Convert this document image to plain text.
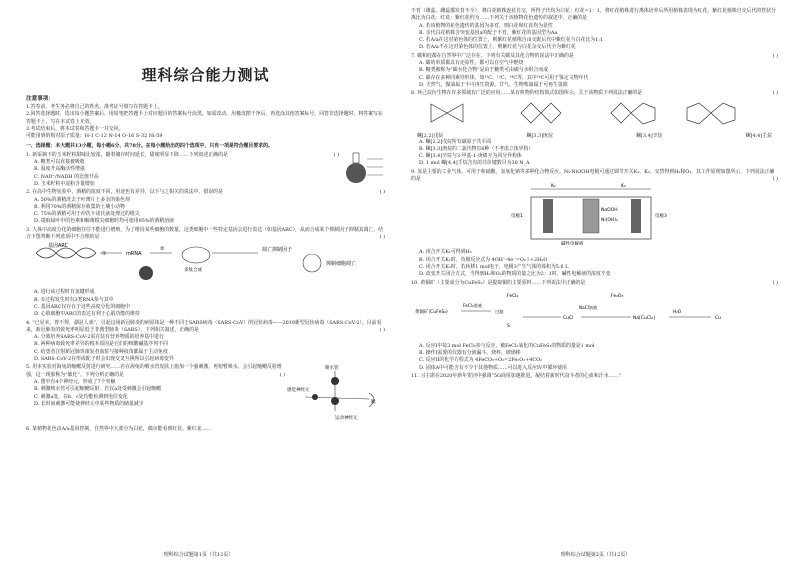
理科综合能力测试

注意事项：

1.答卷前，考生务必将自己的姓名、准考证号填写在答题卡上。

2.回答选择题时，选出每小题答案后，用铅笔把答题卡上对应题目的答案标号涂黑。如需改动，用橡皮擦干净后，再选涂其他答案标号。回答非选择题时，将答案写在答题卡上，写在本试卷上无效。

3.考试结束后，将本试卷和答题卡一并交回。

可能用到的相对原子质量：H-1 C-12 N-14 O-16 S-32 Ni-59

一、选择题：本大题共13小题，每小题6分，共78分。在每小题给出的四个选项中，只有一项是符合题目要求的。

1. 新采摘下的玉米籽粒甜味比较浓，随着储存时间延长，甜度明显下降……下列叙述正确的是	( )

A. 糖类可以直接被吸收

B. 温度升高酶活性增强

C. NAD⁺/NADH 的比值升高

D. 玉米籽粒中淀粉含量增加

2. 在高中生物实验中，酒精的浓度不同，用途也有差异，以下与之相关的说法中，错误的是	( )

A. 50%的酒精洗去子叶薄片上多余的染色剂

B. 利用70%的酒精保存收集的土壤小动物

C. 75%的酒精可用于冲洗卡诺氏液处理过的根尖

D. 提取绿叶中的色素和解离根尖细胞时均可使用95%的酒精溶液

3. 人体中高度分化的细胞往往不能进行增殖，为了维持某些细胞的数量，这类细胞中一些特定基因会进行表达（如基因ARC），从而合成某个抑制因子抑制其凋亡。结合下图判断下列选项中不合理的是	( )

基因ARC
①	mRNA
②
多肽合成
凋亡抑制因子
抑制细胞凋亡

A. 进行该过程时有氢键形成

B. ①过程发生时有3类RNA参与其中

C. 基因ARC仅存在于这些高度分化的细胞中

D. 心肌细胞中ARC的表达有利于心肌功能的维持

4. “已见未，曾不得，湖是人戏”，引起这场新冠肺炎的病原体是一种不同于SARS病毒（SARS-CoV）的冠状病毒——2019新型冠状病毒（SARS-CoV-2）。目前看来，新冠肺炎的致死率明显低于非典型肺炎（SARS）。下列相关叙述，正确的是	( )

A. 分离培养SARS-CoV-2需在装有营养物质的培养基中进行

B. 两种病毒致死率差异的根本原因是它们的核酸碱基序列不同

C. 给患者注射新冠肺炎康复者血浆与接种疫苗都属于主动免疫

D. SARS-CoV-2在形成配子时会出现交叉互换所以引起病毒变异

5. 用本实验对海兔的缩鳃反射进行研究……若在海兔的喷水管皮肤上施加一个强刺激，再短暂喷水，会引起缩鳃反射增强，这一现象称为“敏化”。下列分析正确的是	( )

A. 图中有4个神经元，形成了7个突触

B. 刺激喷水管可引起缩鳃反射，若仅a处受刺激会引起缩鳃

C. 刺激a处，在b、c处均能检测到电位变化

D. 长时间刺激可能使神经元中某些物质的储量减少

喷水管
感觉神经元
运动神经元
鳃

6. 某植物花色由A/a基因控制，自然界中大部分为白花，偶尔能看到红花、紫红花……

理科综合试题第1页（共12页）

不育（雄蕊、雌蕊都发育不全），将白花植株连花自交，所得子代均为白花：红花=1：1，将红花植株进行离体培养后所用植株表现为红花，紫红花植株自交后代的性状分离比为白花：红花：紫红花约为……下列关于该植物花色遗传的叙述中，正确的是

A. 若该植物的花色遗传的基因为多对，则白花和红花均为显性

B. 亲代白花植株含突变基因a的配子不育，紫红花的基因型为Aa

C. 若A/a在这对染色体的位置上，则紫红花植株自由交配后代中紫红花与白花比为1:1

D. 若A/a不在这对染色体的位置上，则紫红花与白花杂交后代全为紫红花

7. 碳和硅都在自然界中广泛存在，下列有关碳及其化合物的说法中正确的是	( )

A. 碳的单质都具有还原性，都可以在空气中燃烧

B. 糖类被称为“碳水化合物”是由于糖类可由碳与水组合而成

C. 碳存在多种同素异形体，如¹²C、¹³C、¹⁴C等，其中¹⁴C可用于鉴定文物年代

D. 天然气、煤油属于不可再生资源，甘气、生物柴油属于可再生资源

8. 环己烷衍生物在许多领域有广泛的应用……某有机物的结构简式如图所示，关于该物质下列说法正确的是	( )

螺[2.2]戊烷	螺[3.3]庚烷	螺[3.4]辛烷	螺[4.4]壬烷

A. 螺[2.2]戊烷所有碳原子共平面

B. 螺[3.3]庚烷的二氯代物有6种（不考虑立体异构）

C. 螺[3.4]辛烷与3-甲基-1-庚烯互为同分异构体

D. 1 mol 螺[4.4]壬烷含有的共价键数目为30 N_A

9. 氢是主要的工业气体，可用于和硝酸、氢氧化钠等多种化合物反应。Ni-NiOOH电极可通过调节开关K₁、K₂，交替得到H₂和O₂，其工作原理如图所示，下列说法正确的是	( )

K₁	K₂
NaOOH
Ni(OH)₂
碱性电解液
电极1	电极3

A. 闭合开关K₁可得到H₂

B. 闭合开关K₁时，负极反应式为 4OH⁻-4e⁻=O₂↑+2H₂O

C. 闭合开关K₂时，若转移1 mol电子，电极3产生气体的体积为5.6 L

D. 改变开关闭合方式，当得到H₂和O₂的物质的量之比为2：1时，碱性电解液的浓度不变

10. 黄铜矿（主要成分为CuFeS₂）是提取铜的主要原料……下列说法中正确的是	( )

黄铜矿(CuFeS₂)
FeCl₃溶液
FeCl₂
S
过滤
CuCl
NaCl溶液
Na[CuCl₂]
H₂O
Cu
Fe₂O₃

A. 反应I中每3 mol FeCl₃参与反应，被FeCl₃氧化的CuFeS₂的物质的量是1 mol

B. 操作I需要的仪器有分液漏斗、烧杯、玻璃棒

C. 反应II的化学方程式为 4FeCO₃+O₂=2Fe₂O₃+4CO₂

D. 固体A中可能含有不少于其他物质……可以进入反应IV中循环使用

11. 习主席在2020年新年贺词中强调“5G商用加速推进，凝结着新时代奋斗者的心血和汗水……”

理科综合试题第2页（共12页）
